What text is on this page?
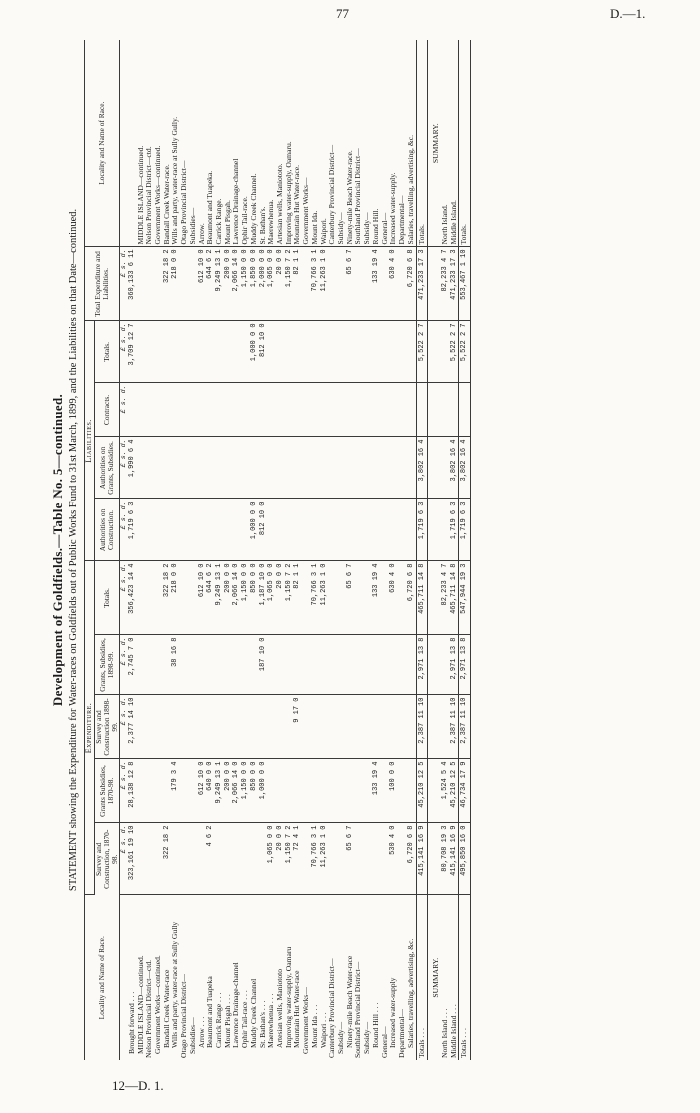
77	D.—1.
12—D. 1.
Development of Goldfields.—Table No. 5—continued. STATEMENT showing the Expenditure for Water-races on Goldfields out of Public Works Fund to 31st March, 1899, and the Liabilities on that Date—continued.
Locality and Name of Race.	Expenditure.					Liabilities.				Total Expenditure and Liabilities.	Locality and Name of Race.
	Survey and Construction, 1870-98.	Grants Subsidies, 1870-98.	Survey and Construction 1898-99.	Grants, Subsidies, 1898-99.	Totals.	Authorities on Construction.	Authorities on Grants, Subsidies.	Contracts.	Totals.		
	£ s. d.	£ s. d.	£ s. d.	£ s. d.	£ s. d.	£ s. d.	£ s. d.	£ s. d.	£ s. d.	£ s. d.	
Brought forward . . .	323,161 19 10	28,138 12 8	2,377 14 10	2,745 7 0	356,423 14 4	1,719 6 3	1,990 6 4		3,709 12 7	360,133 6 11	
MIDDLE ISLAND—continued.											MIDDLE ISLAND—continued.
Nelson Provincial District—ctd.											Nelson Provincial District—ctd.
Government Works—continued.											Government Works—continued.
Bandall Creek Water-race	322 18 2				322 18 2					322 18 2	Bandall Creek Water-race.
Wills and party, water-race at Sully Gully		179 3 4		38 16 8	218 0 0					218 0 0	Wills and party, water-race at Sully Gully.
Otago Provincial District—											Otago Provincial District—
Subsidies—											Subsidies—
Arrow . . .		612 10 0			612 10 0					612 10 0	Arrow.
Beaumont and Tuapeka	4 6 2	640 0 0			644 6 2					644 6 2	Beaumont and Tuapeka.
Carrick Range . . .		9,249 13 1			9,249 13 1					9,249 13 1	Carrick Range.
Mount Pisgah . . .		200 0 0			200 0 0					200 0 0	Mount Pisgah.
Lawrence Drainage-channel		2,066 14 0			2,066 14 0					2,066 14 0	Lawrence Drainage-channel
Ophir Tail-race . . .		1,150 0 0			1,150 0 0					1,150 0 0	Ophir Tail-race.
Muddy Creek Channel		850 0 0			850 0 0	1,000 0 0			1,000 0 0	1,850 0 0	Muddy Creek Channel.
St. Bathan's . . .		1,000 0 0		187 10 0	1,187 10 0	812 10 0			812 10 0	2,000 0 0	St. Bathan's.
Maerewhenua . . .	1,065 0 0				1,065 0 0					1,065 0 0	Maerewhenua.
Artesian wells, Maniototo	20 0 0				20 0 0					20 0 0	Artesian wells, Maniototo.
Improving water-supply, Oamaru	1,150 7 2				1,150 7 2					1,150 7 2	Improving water-supply, Oamaru.
Mountain Hut Water-race	72 4 1		9 17 0		82 1 1					82 1 1	Mountain Hut Water-race.
Government Works—											Government Works—
Mount Ida . . .	70,766 3 1				70,766 3 1					70,766 3 1	Mount Ida.
Waipori . . .	11,263 1 0				11,263 1 0					11,263 1 0	Waipori.
Canterbury Provincial District—											Canterbury Provincial District—
Subsidy—											Subsidy—
Ninety-mile Beach Water-race	65 6 7				65 6 7					65 6 7	Ninety-mile Beach Water-race.
Southland Provincial District—											Southland Provincial District—
Subsidy—											Subsidy—
Round Hill . . .		133 19 4			133 19 4					133 19 4	Round Hill.
General—											General—
Increased water-supply	530 4 0	100 0 0			630 4 0					630 4 0	Increased water-supply.
Departmental—											Departmental—
Salaries, travelling, advertising, &c.	6,720 6 8				6,720 6 8					6,720 6 8	Salaries, travelling, advertising, &c.
Totals . . .	415,141 16 9	45,210 12 5	2,387 11 10	2,971 13 8	465,711 14 8	1,719 6 3	3,802 16 4		5,522 2 7	471,233 17 3	Totals.
SUMMARY.											SUMMARY.
North Island . . .	80,708 19 3	1,524 5 4			82,233 4 7					82,233 4 7	North Island.
Middle Island . . .	415,141 16 9	45,210 12 5	2,387 11 10	2,971 13 8	465,711 14 8	1,719 6 3	3,802 16 4		5,522 2 7	471,233 17 3	Middle Island.
Totals . . .	495,850 16 0	46,734 17 9	2,387 11 10	2,971 13 8	547,944 19 3	1,719 6 3	3,802 16 4		5,522 2 7	553,467 1 10	Totals.
